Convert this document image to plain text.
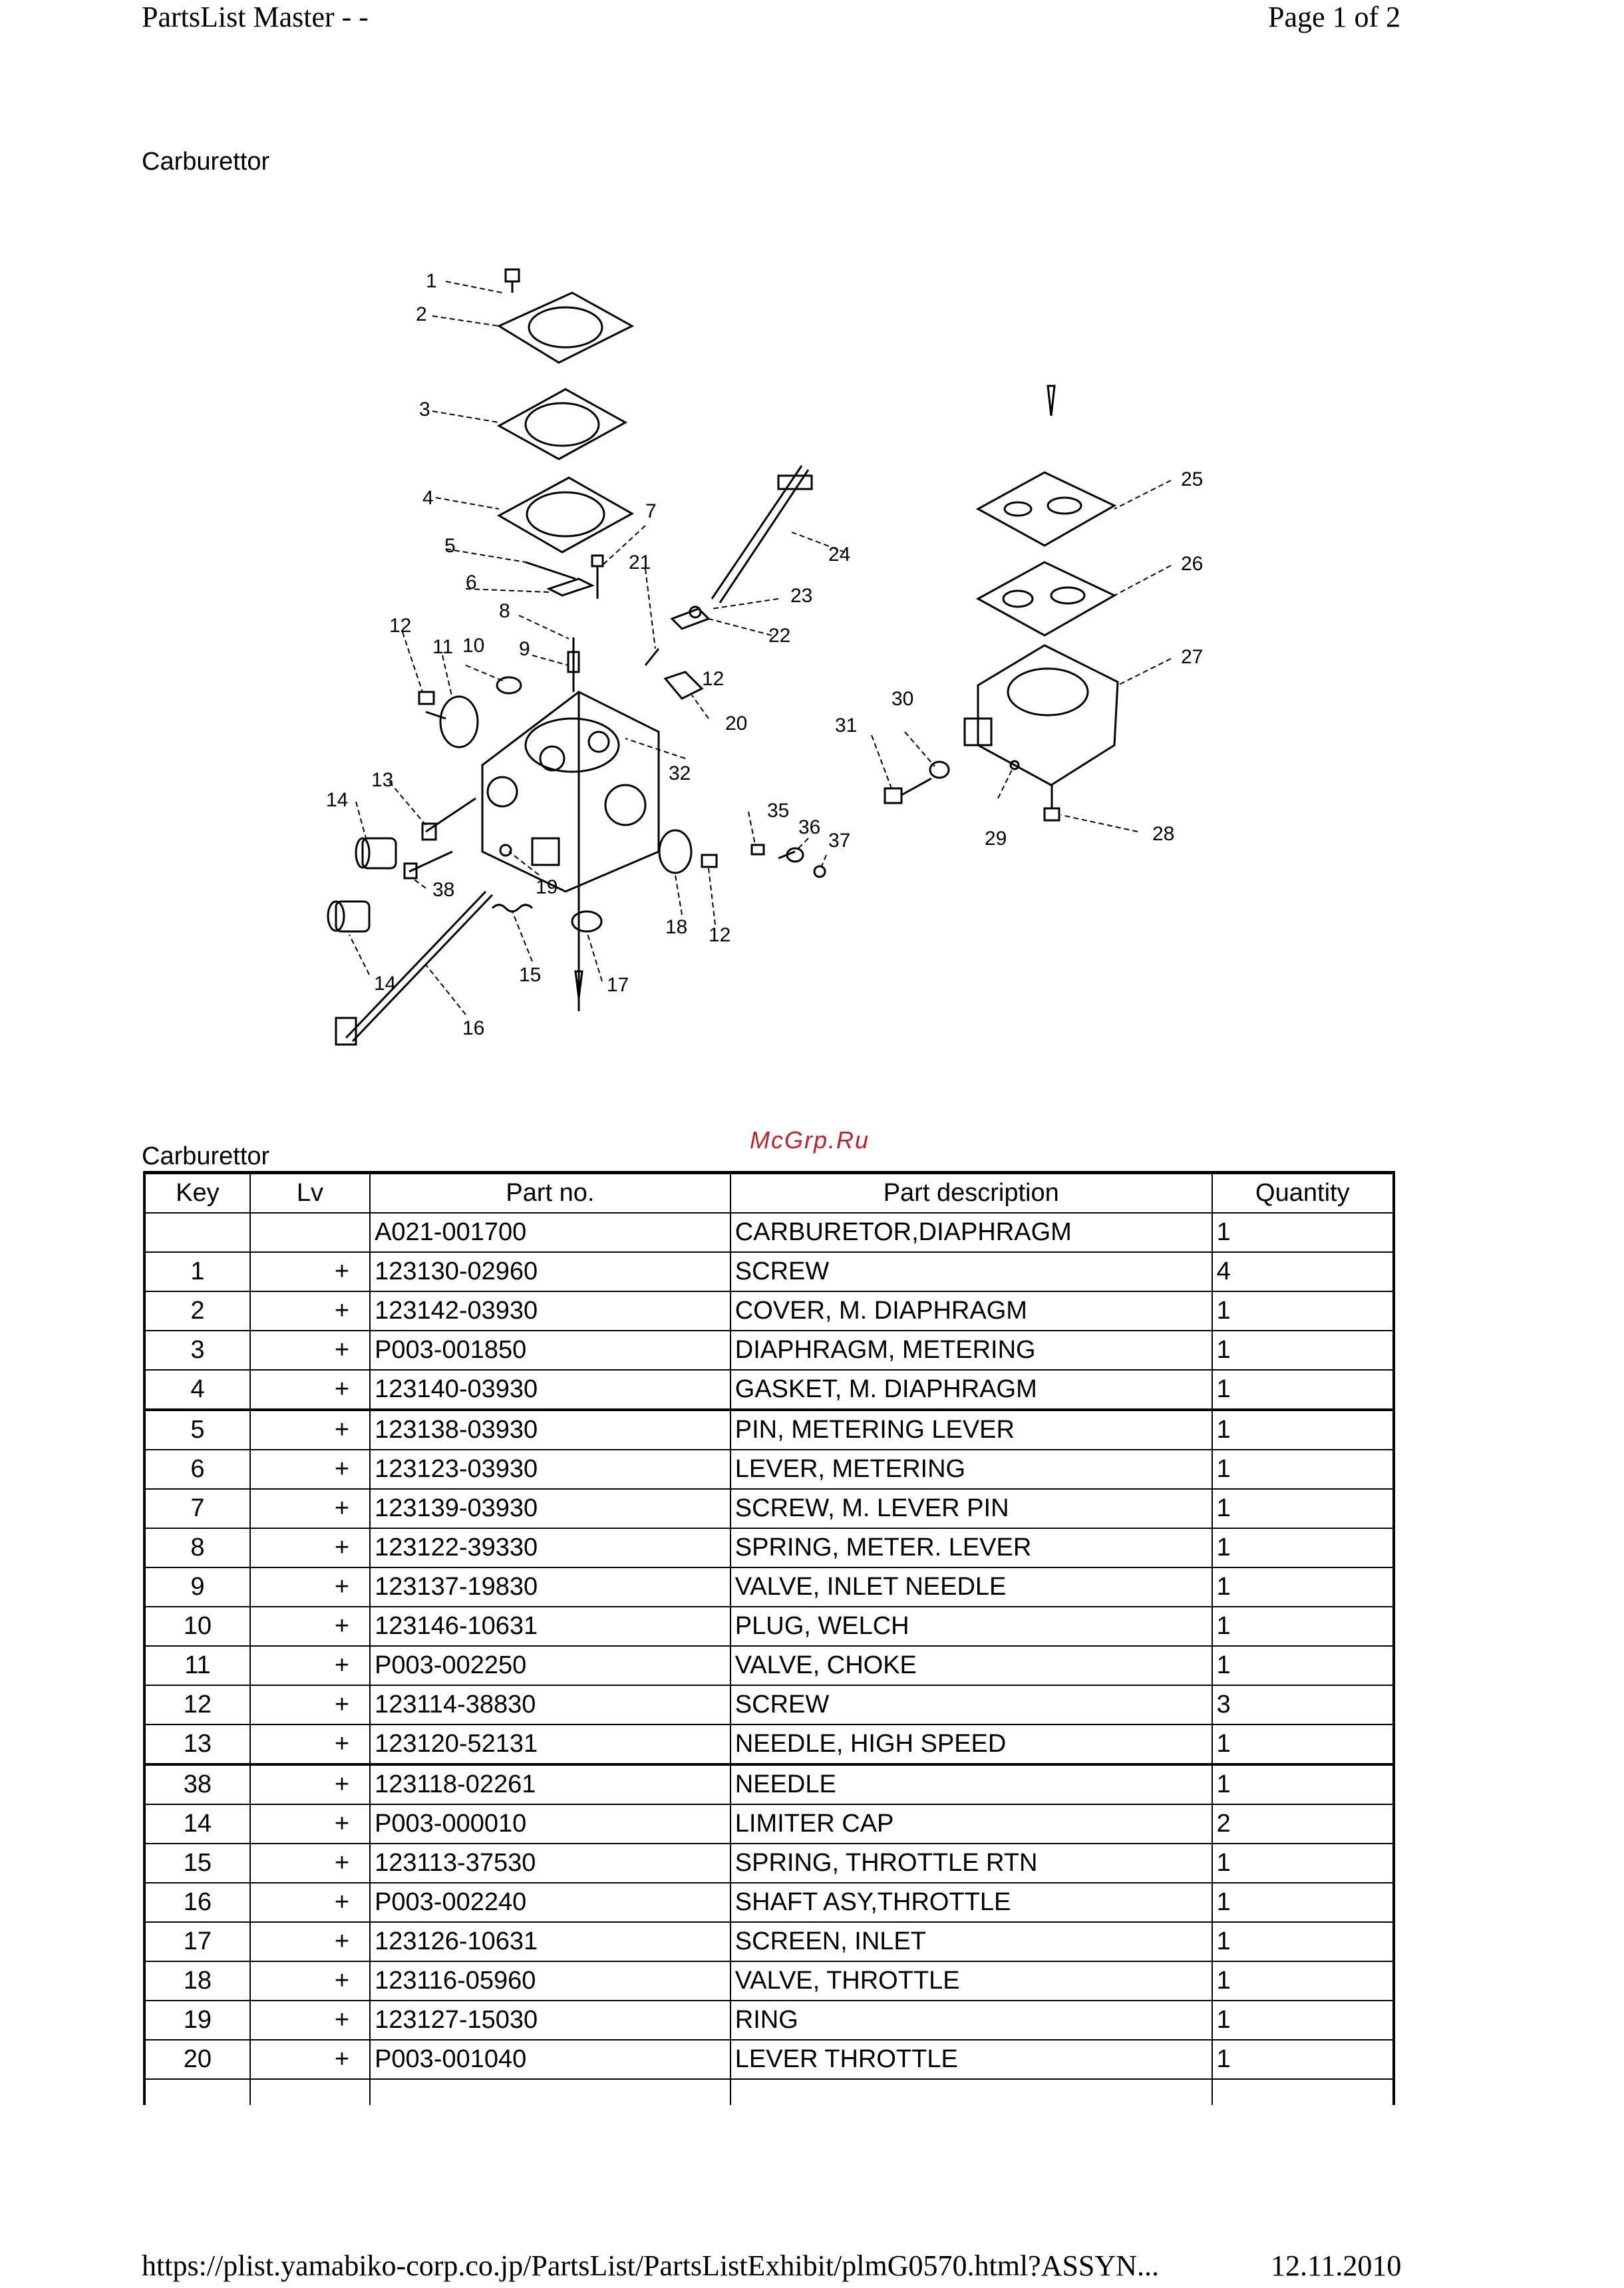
PartsList Master - -	Page 1 of 2
Carburettor
1
2
3
4
5
6
7
8
9
10
11
12
12
12
13
14
14	15
16
17
18
19
20
21
22
23
24
25
26
27
28
29
30
31
32
35
36
37
38
McGrp.Ru
Carburettor
Key	Lv	Part no.	Part description	Quantity
		A021-001700	CARBURETOR,DIAPHRAGM	1
1	+	123130-02960	SCREW	4
2	+	123142-03930	COVER, M. DIAPHRAGM	1
3	+	P003-001850	DIAPHRAGM, METERING	1
4	+	123140-03930	GASKET, M. DIAPHRAGM	1
5	+	123138-03930	PIN, METERING LEVER	1
6	+	123123-03930	LEVER, METERING	1
7	+	123139-03930	SCREW, M. LEVER PIN	1
8	+	123122-39330	SPRING, METER. LEVER	1
9	+	123137-19830	VALVE, INLET NEEDLE	1
10	+	123146-10631	PLUG, WELCH	1
11	+	P003-002250	VALVE, CHOKE	1
12	+	123114-38830	SCREW	3
13	+	123120-52131	NEEDLE, HIGH SPEED	1
38	+	123118-02261	NEEDLE	1
14	+	P003-000010	LIMITER CAP	2
15	+	123113-37530	SPRING, THROTTLE RTN	1
16	+	P003-002240	SHAFT ASY,THROTTLE	1
17	+	123126-10631	SCREEN, INLET	1
18	+	123116-05960	VALVE, THROTTLE	1
19	+	123127-15030	RING	1
20	+	P003-001040	LEVER THROTTLE	1

https://plist.yamabiko-corp.co.jp/PartsList/PartsListExhibit/plmG0570.html?ASSYN...	12.11.2010
